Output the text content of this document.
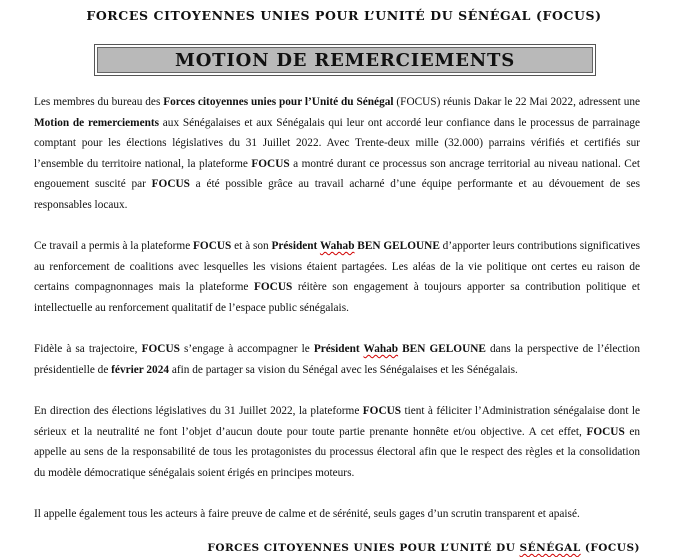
FORCES CITOYENNES UNIES POUR L’UNITÉ DU SÉNÉGAL (FOCUS)
MOTION DE REMERCIEMENTS

Les membres du bureau des Forces citoyennes unies pour l’Unité du Sénégal (FOCUS) réunis Dakar le 22 Mai 2022, adressent une Motion de remerciements aux Sénégalaises et aux Sénégalais qui leur ont accordé leur confiance dans le processus de parrainage comptant pour les élections législatives du 31 Juillet 2022. Avec Trente-deux mille (32.000) parrains vérifiés et certifiés sur l’ensemble du territoire national, la plateforme FOCUS a montré durant ce processus son ancrage territorial au niveau national. Cet engouement suscité par FOCUS a été possible grâce au travail acharné d’une équipe performante et au dévouement de ses responsables locaux.

Ce travail a permis à la plateforme FOCUS et à son Président Wahab BEN GELOUNE d’apporter leurs contributions significatives au renforcement de coalitions avec lesquelles les visions étaient partagées. Les aléas de la vie politique ont certes eu raison de certains compagnonnages mais la plateforme FOCUS réitère son engagement à toujours apporter sa contribution politique et intellectuelle au renforcement qualitatif de l’espace public sénégalais.

Fidèle à sa trajectoire, FOCUS s’engage à accompagner le Président Wahab BEN GELOUNE dans la perspective de l’élection présidentielle de février 2024 afin de partager sa vision du Sénégal avec les Sénégalaises et les Sénégalais.

En direction des élections législatives du 31 Juillet 2022, la plateforme FOCUS tient à féliciter l’Administration sénégalaise dont le sérieux et la neutralité ne font l’objet d’aucun doute pour toute partie prenante honnête et/ou objective. A cet effet, FOCUS en appelle au sens de la responsabilité de tous les protagonistes du processus électoral afin que le respect des règles et la consolidation du modèle démocratique sénégalais soient érigés en principes moteurs.

Il appelle également tous les acteurs à faire preuve de calme et de sérénité, seuls gages d’un scrutin transparent et apaisé.

FORCES CITOYENNES UNIES POUR L’UNITÉ DU SÉNÉGAL (FOCUS)
